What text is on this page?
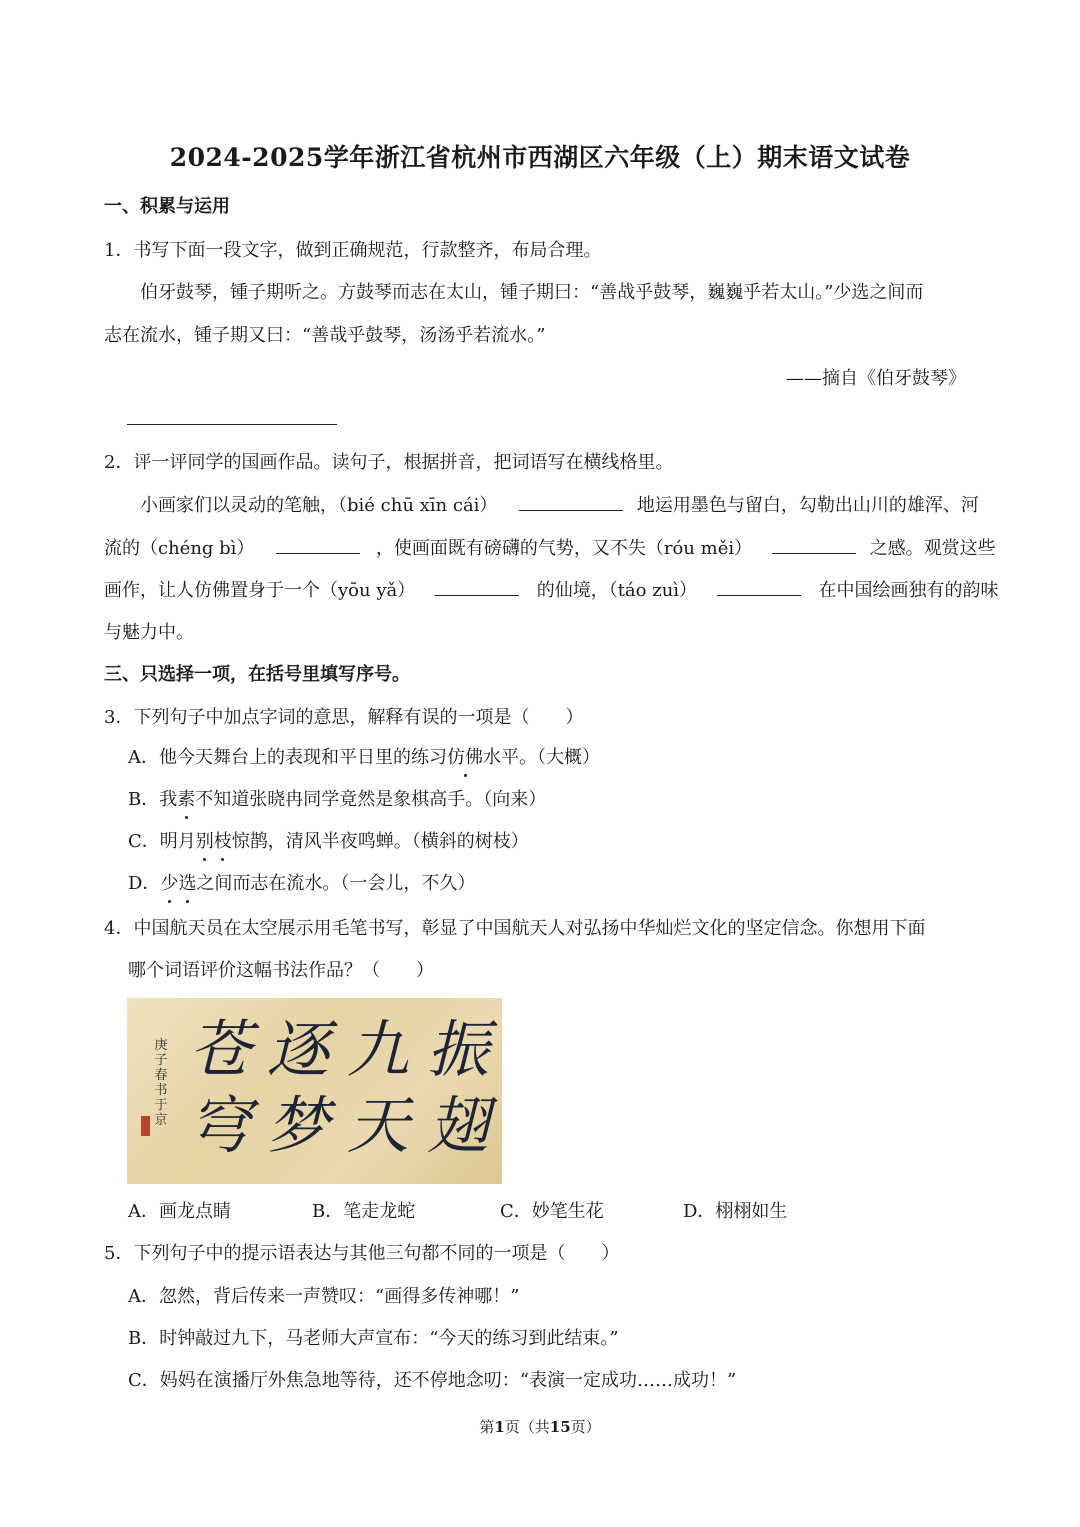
2024-2025学年浙江省杭州市西湖区六年级（上）期末语文试卷
一、积累与运用
1．书写下面一段文字，做到正确规范，行款整齐，布局合理。
伯牙鼓琴，锺子期听之。方鼓琴而志在太山，锺子期曰：“善战乎鼓琴，巍巍乎若太山。”少选之间而
志在流水，锺子期又曰：“善哉乎鼓琴，汤汤乎若流水。”
——摘自《伯牙鼓琴》
2．评一评同学的国画作品。读句子，根据拼音，把词语写在横线格里。
小画家们以灵动的笔触，（bié chū xīn cái）	地运用墨色与留白，勾勒出山川的雄浑、河
流的（chéng bì）	，使画面既有磅礴的气势，又不失（róu měi）	之感。观赏这些
画作，让人仿佛置身于一个（yōu yǎ）	的仙境，（táo zuì）	在中国绘画独有的韵味
与魅力中。
三、只选择一项，在括号里填写序号。
3．下列句子中加点字词的意思，解释有误的一项是（　　）
A．他今天舞台上的表现和平日里的练习仿佛水平。（大概）
B．我素不知道张晓冉同学竟然是象棋高手。（向来）
C．明月别枝惊鹊，清风半夜鸣蝉。（横斜的树枝）
D．少选之间而志在流水。（一会儿，不久）
4．中国航天员在太空展示用毛笔书写，彰显了中国航天人对弘扬中华灿烂文化的坚定信念。你想用下面
哪个词语评价这幅书法作品？（　　）
振
翅
九
天
逐
梦
苍
穹
庚子春书于京
A．画龙点睛	B．笔走龙蛇	C．妙笔生花	D．栩栩如生
5．下列句子中的提示语表达与其他三句都不同的一项是（　　）
A．忽然，背后传来一声赞叹：“画得多传神哪！”
B．时钟敲过九下，马老师大声宣布：“今天的练习到此结束。”
C．妈妈在演播厅外焦急地等待，还不停地念叨：“表演一定成功……成功！”
第1页（共15页）
